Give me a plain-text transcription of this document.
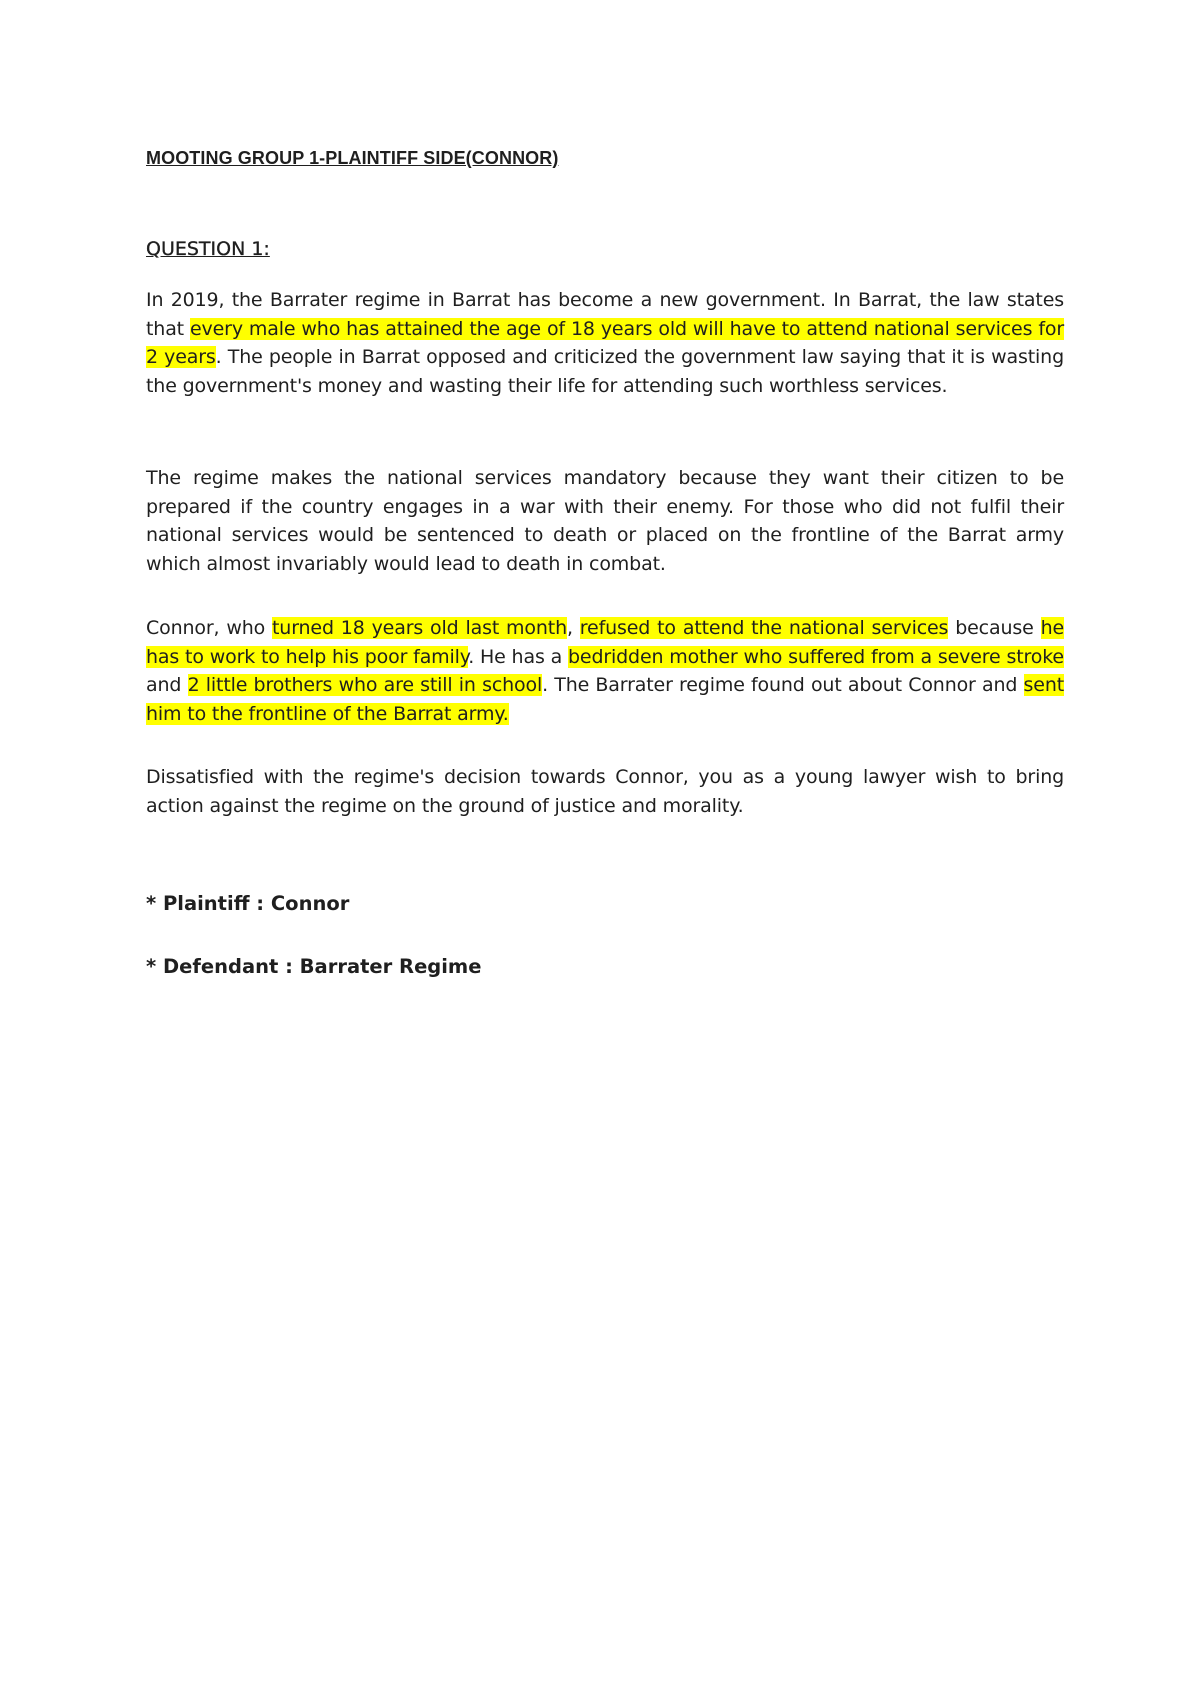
MOOTING GROUP 1-PLAINTIFF SIDE(CONNOR)
QUESTION 1:

In 2019, the Barrater regime in Barrat has become a new government. In Barrat, the law states that every male who has attained the age of 18 years old will have to attend national services for 2 years. The people in Barrat opposed and criticized the government law saying that it is wasting the government's money and wasting their life for attending such worthless services.

The regime makes the national services mandatory because they want their citizen to be prepared if the country engages in a war with their enemy. For those who did not fulfil their national services would be sentenced to death or placed on the frontline of the Barrat army which almost invariably would lead to death in combat.

Connor, who turned 18 years old last month, refused to attend the national services because he has to work to help his poor family. He has a bedridden mother who suffered from a severe stroke and 2 little brothers who are still in school. The Barrater regime found out about Connor and sent him to the frontline of the Barrat army.

Dissatisfied with the regime's decision towards Connor, you as a young lawyer wish to bring action against the regime on the ground of justice and morality.

* Plaintiff : Connor

* Defendant : Barrater Regime
